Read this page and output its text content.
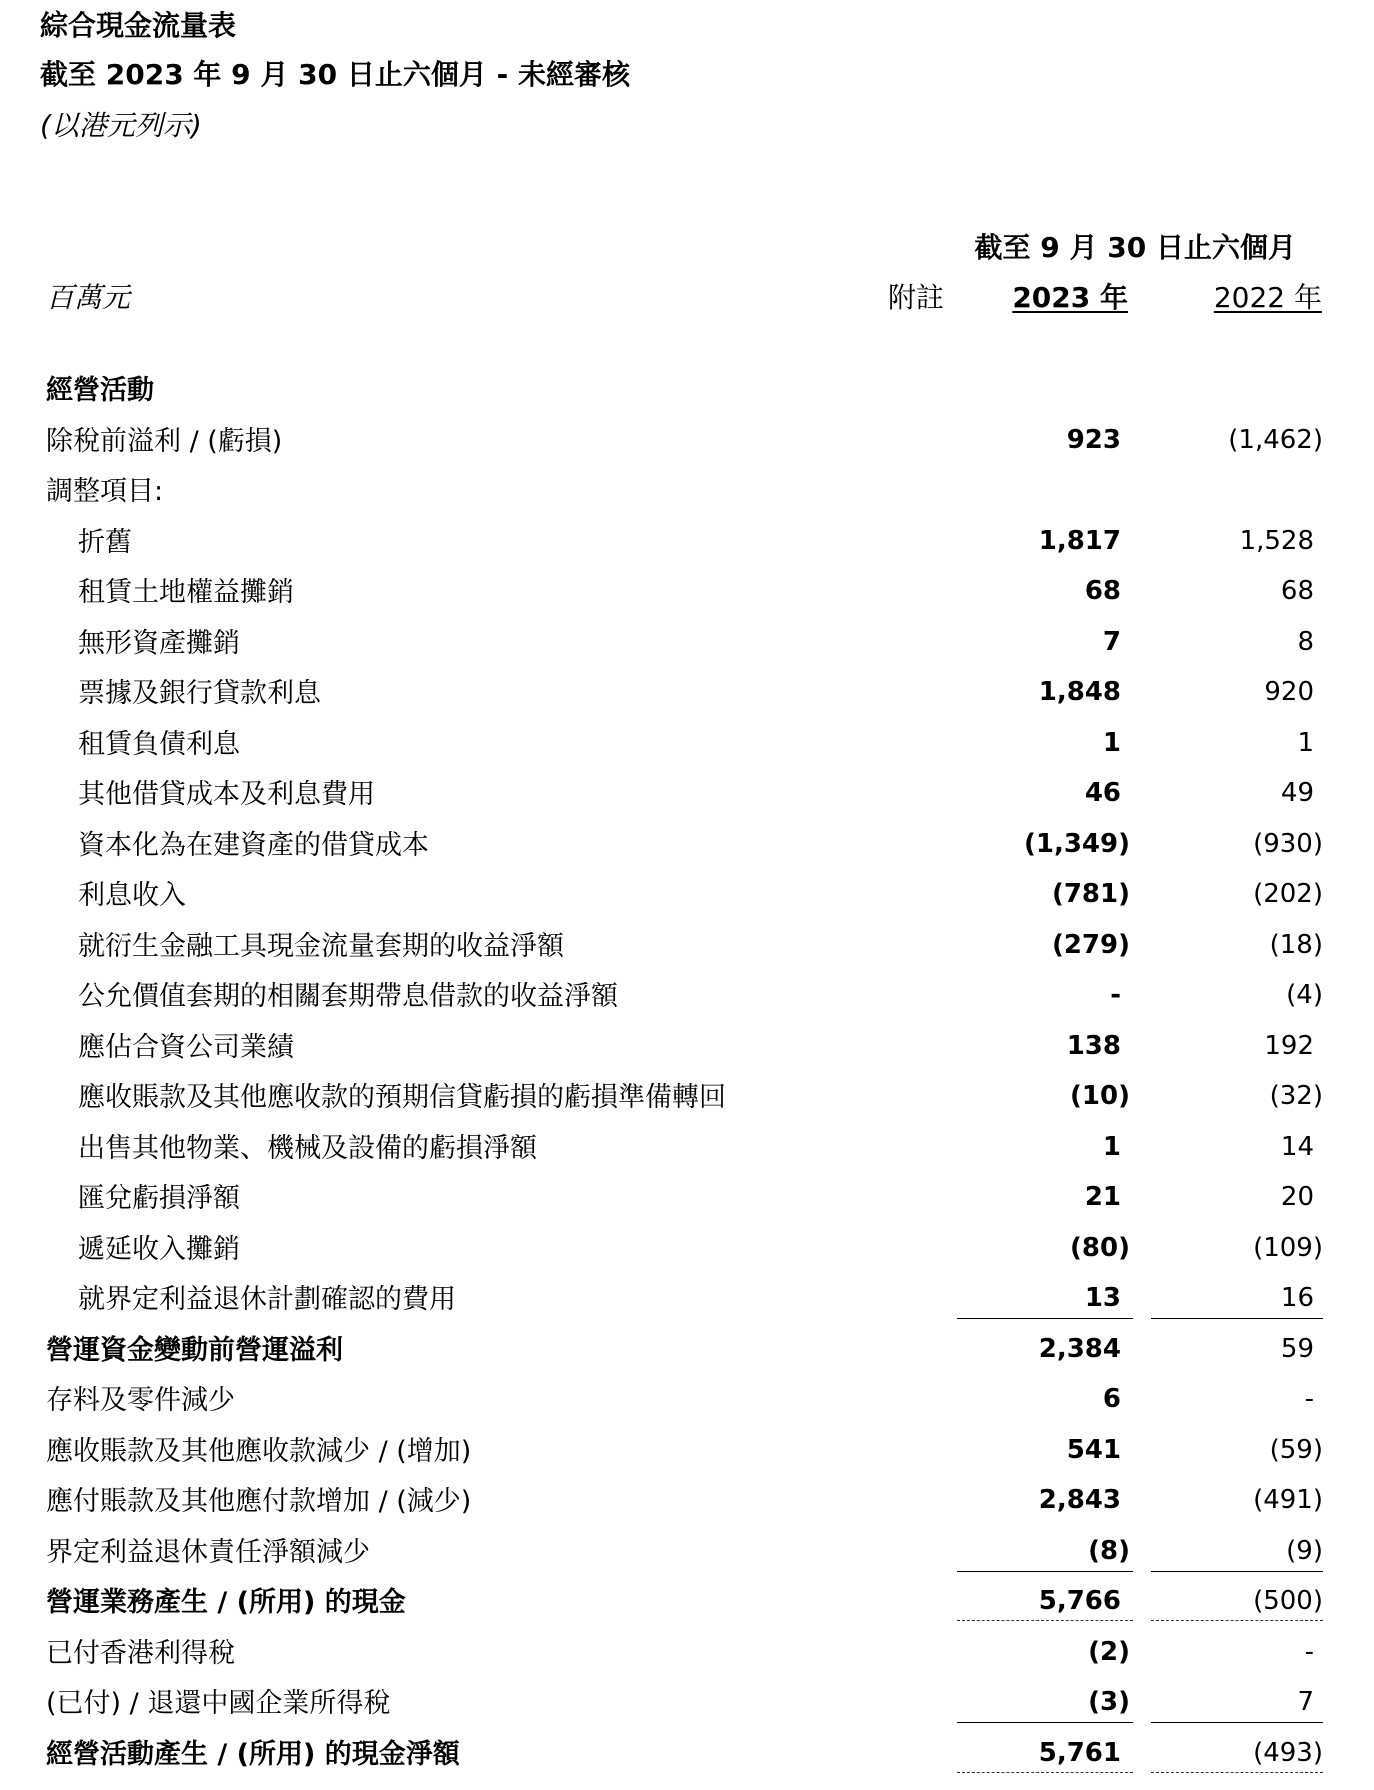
綜合現金流量表
截至 2023 年 9 月 30 日止六個月 - 未經審核
(以港元列示)
截至 9 月 30 日止六個月
百萬元	附註 2023 年	2022 年
經營活動
除稅前溢利 / (虧損)	923	(1,462)
調整項目:
折舊	1,817	1,528
租賃土地權益攤銷	68	68
無形資產攤銷	7	8
票據及銀行貸款利息	1,848	920
租賃負債利息	1	1
其他借貸成本及利息費用	46	49
資本化為在建資產的借貸成本	(1,349)	(930)
利息收入	(781)	(202)
就衍生金融工具現金流量套期的收益淨額	(279)	(18)
公允價值套期的相關套期帶息借款的收益淨額	-	(4)
應佔合資公司業績	138	192
應收賬款及其他應收款的預期信貸虧損的虧損準備轉回	(10)	(32)
出售其他物業、機械及設備的虧損淨額	1	14
匯兌虧損淨額	21	20
遞延收入攤銷	(80)	(109)
就界定利益退休計劃確認的費用	13	16
營運資金變動前營運溢利	2,384	59
存料及零件減少	6	-
應收賬款及其他應收款減少 / (增加)	541	(59)
應付賬款及其他應付款增加 / (減少)	2,843	(491)
界定利益退休責任淨額減少	(8)	(9)
營運業務產生 / (所用) 的現金	5,766	(500)
已付香港利得稅	(2)	-
(已付) / 退還中國企業所得稅	(3)	7
經營活動產生 / (所用) 的現金淨額	5,761	(493)
